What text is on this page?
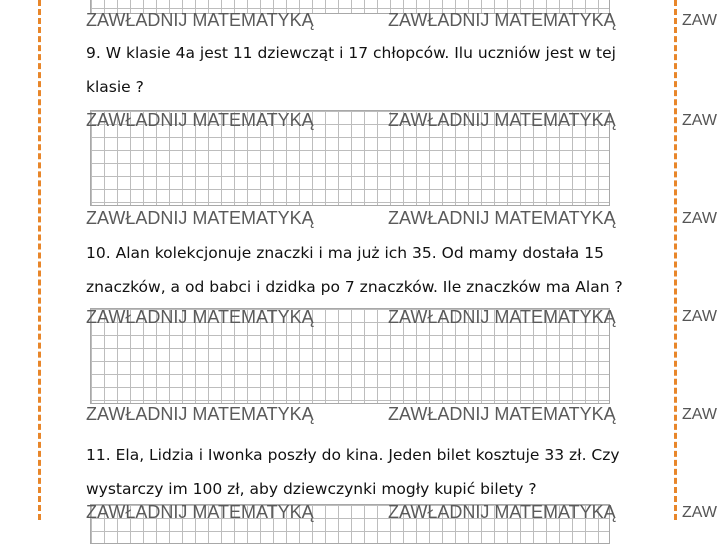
ZAW
ZAW
ZAW
ZAW
ZAW
ZAW
ZAWŁADNIJ MATEMATYKĄ	ZAWŁADNIJ MATEMATYKĄ

9. W klasie 4a jest 11 dziewcząt i 17 chłopców. Ilu uczniów jest w tej klasie ?

ZAWŁADNIJ MATEMATYKĄ	ZAWŁADNIJ MATEMATYKĄ
ZAWŁADNIJ MATEMATYKĄ	ZAWŁADNIJ MATEMATYKĄ

10. Alan kolekcjonuje znaczki i ma już ich 35. Od mamy dostała 15 znaczków, a od babci i dzidka po 7 znaczków. Ile znaczków ma Alan ?

ZAWŁADNIJ MATEMATYKĄ	ZAWŁADNIJ MATEMATYKĄ
ZAWŁADNIJ MATEMATYKĄ	ZAWŁADNIJ MATEMATYKĄ

11. Ela, Lidzia i Iwonka poszły do kina. Jeden bilet kosztuje 33 zł. Czy wystarczy im 100 zł, aby dziewczynki mogły kupić bilety ?

ZAWŁADNIJ MATEMATYKĄ	ZAWŁADNIJ MATEMATYKĄ
